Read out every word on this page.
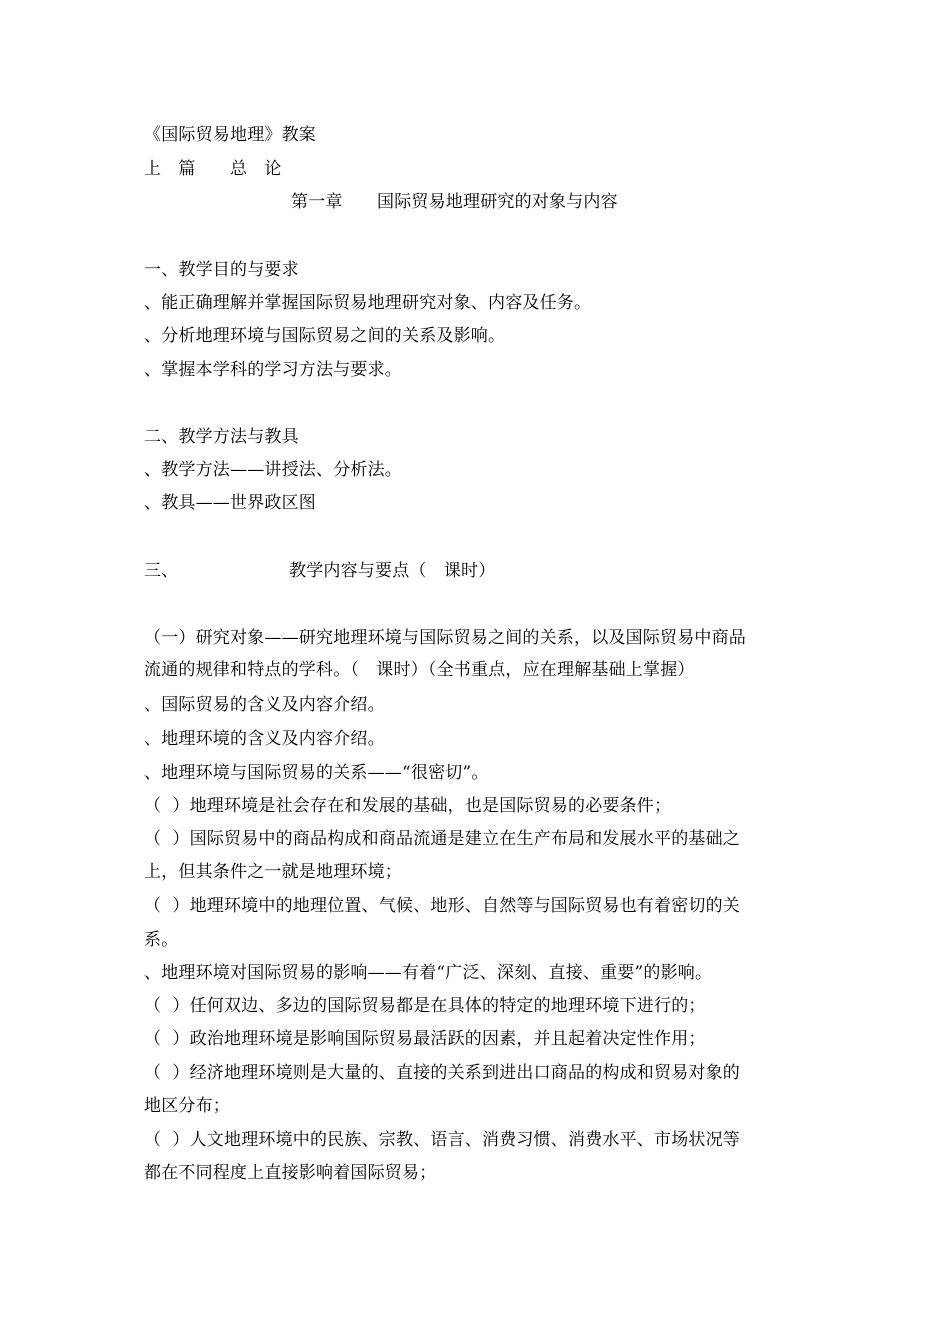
《国际贸易地理》教案
上　篇　　总　论
第一章　　国际贸易地理研究的对象与内容
一、教学目的与要求
、能正确理解并掌握国际贸易地理研究对象、内容及任务。
、分析地理环境与国际贸易之间的关系及影响。
、掌握本学科的学习方法与要求。
二、教学方法与教具
、教学方法——讲授法、分析法。
、教具——世界政区图
三、	教学内容与要点（　课时）
（一）研究对象——研究地理环境与国际贸易之间的关系，以及国际贸易中商品
流通的规律和特点的学科。（　课时）（全书重点，应在理解基础上掌握）
、国际贸易的含义及内容介绍。
、地理环境的含义及内容介绍。
、地理环境与国际贸易的关系——“很密切”。
（  ）地理环境是社会存在和发展的基础，也是国际贸易的必要条件；
（  ）国际贸易中的商品构成和商品流通是建立在生产布局和发展水平的基础之
上，但其条件之一就是地理环境；
（  ）地理环境中的地理位置、气候、地形、自然等与国际贸易也有着密切的关
系。
、地理环境对国际贸易的影响——有着“广泛、深刻、直接、重要”的影响。
（  ）任何双边、多边的国际贸易都是在具体的特定的地理环境下进行的；
（  ）政治地理环境是影响国际贸易最活跃的因素，并且起着决定性作用；
（  ）经济地理环境则是大量的、直接的关系到进出口商品的构成和贸易对象的
地区分布；
（  ）人文地理环境中的民族、宗教、语言、消费习惯、消费水平、市场状况等
都在不同程度上直接影响着国际贸易；
